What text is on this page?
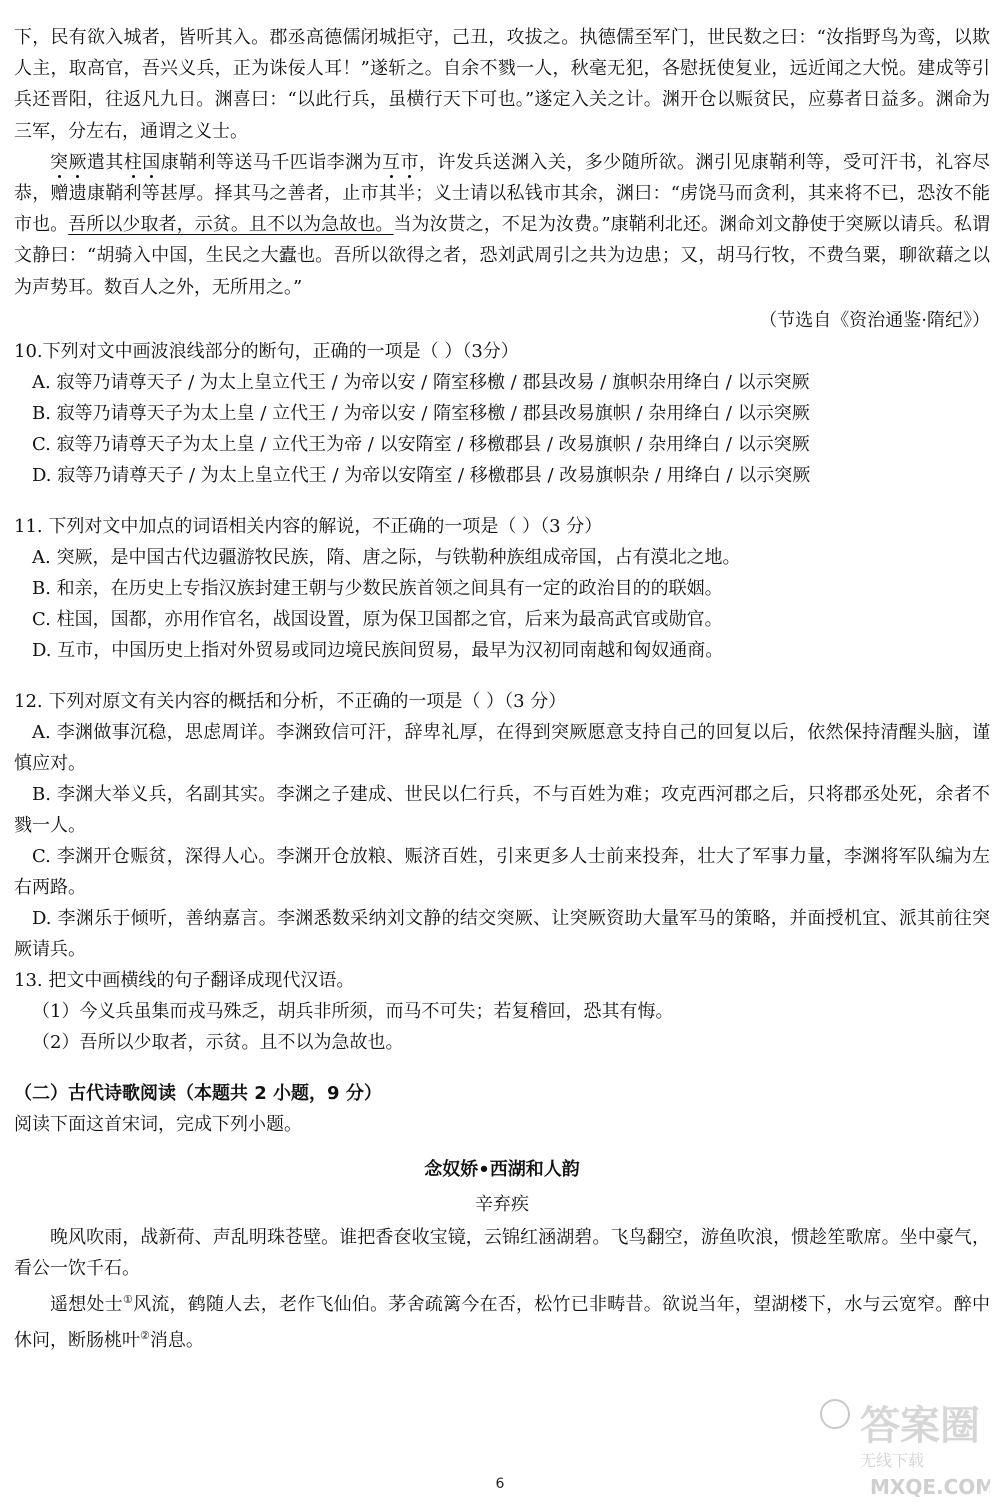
下，民有欲入城者，皆听其入。郡丞高德儒闭城拒守，己丑，攻拔之。执德儒至军门，世民数之曰：“汝指野鸟为鸾，以欺人主，取高官，吾兴义兵，正为诛佞人耳！”遂斩之。自余不戮一人，秋毫无犯，各慰抚使复业，远近闻之大悦。建成等引兵还晋阳，往返凡九日。渊喜曰：“以此行兵，虽横行天下可也。”遂定入关之计。渊开仓以赈贫民，应募者日益多。渊命为三军，分左右，通谓之义士。

突厥遣其柱国康鞘利等送马千匹诣李渊为互市，许发兵送渊入关，多少随所欲。渊引见康鞘利等，受可汗书，礼容尽恭，赠遗康鞘利等甚厚。择其马之善者，止市其半；义士请以私钱市其余，渊曰：“虏饶马而贪利，其来将不已，恐汝不能市也。吾所以少取者，示贫。且不以为急故也。当为汝贳之，不足为汝费。”康鞘利北还。渊命刘文静使于突厥以请兵。私谓文静曰：“胡骑入中国，生民之大蠹也。吾所以欲得之者，恐刘武周引之共为边患；又，胡马行牧，不费刍粟，聊欲藉之以为声势耳。数百人之外，无所用之。”

（节选自《资治通鉴·隋纪》）

10.下列对文中画波浪线部分的断句，正确的一项是（ ）（3分）

A. 寂等乃请尊天子 / 为太上皇立代王 / 为帝以安 / 隋室移檄 / 郡县改易 / 旗帜杂用绛白 / 以示突厥

B. 寂等乃请尊天子为太上皇 / 立代王 / 为帝以安 / 隋室移檄 / 郡县改易旗帜 / 杂用绛白 / 以示突厥

C. 寂等乃请尊天子为太上皇 / 立代王为帝 / 以安隋室 / 移檄郡县 / 改易旗帜 / 杂用绛白 / 以示突厥

D. 寂等乃请尊天子 / 为太上皇立代王 / 为帝以安隋室 / 移檄郡县 / 改易旗帜杂 / 用绛白 / 以示突厥

11. 下列对文中加点的词语相关内容的解说，不正确的一项是（ ）（3 分）

A. 突厥，是中国古代边疆游牧民族，隋、唐之际，与铁勒种族组成帝国，占有漠北之地。

B. 和亲，在历史上专指汉族封建王朝与少数民族首领之间具有一定的政治目的的联姻。

C. 柱国，国都，亦用作官名，战国设置，原为保卫国都之官，后来为最高武官或勋官。

D. 互市，中国历史上指对外贸易或同边境民族间贸易，最早为汉初同南越和匈奴通商。

12. 下列对原文有关内容的概括和分析，不正确的一项是（ ）（3 分）

A. 李渊做事沉稳，思虑周详。李渊致信可汗，辞卑礼厚，在得到突厥愿意支持自己的回复以后，依然保持清醒头脑，谨慎应对。

B. 李渊大举义兵，名副其实。李渊之子建成、世民以仁行兵，不与百姓为难；攻克西河郡之后，只将郡丞处死，余者不戮一人。

C. 李渊开仓赈贫，深得人心。李渊开仓放粮、赈济百姓，引来更多人士前来投奔，壮大了军事力量，李渊将军队编为左右两路。

D. 李渊乐于倾听，善纳嘉言。李渊悉数采纳刘文静的结交突厥、让突厥资助大量军马的策略，并面授机宜、派其前往突厥请兵。

13. 把文中画横线的句子翻译成现代汉语。

（1）今义兵虽集而戎马殊乏，胡兵非所须，而马不可失；若复稽回，恐其有悔。

（2）吾所以少取者，示贫。且不以为急故也。

（二）古代诗歌阅读（本题共 2 小题，9 分）

阅读下面这首宋词，完成下列小题。

念奴娇•西湖和人韵

辛弃疾

晚风吹雨，战新荷、声乱明珠苍壁。谁把香奁收宝镜，云锦红涵湖碧。飞鸟翻空，游鱼吹浪，惯趁笙歌席。坐中豪气，看公一饮千石。

遥想处士①风流，鹤随人去，老作飞仙伯。茅舍疏篱今在否，松竹已非畴昔。欲说当年，望湖楼下，水与云宽窄。醉中休问，断肠桃叶②消息。

6
答案圈
无线下载
MXQE.COM
